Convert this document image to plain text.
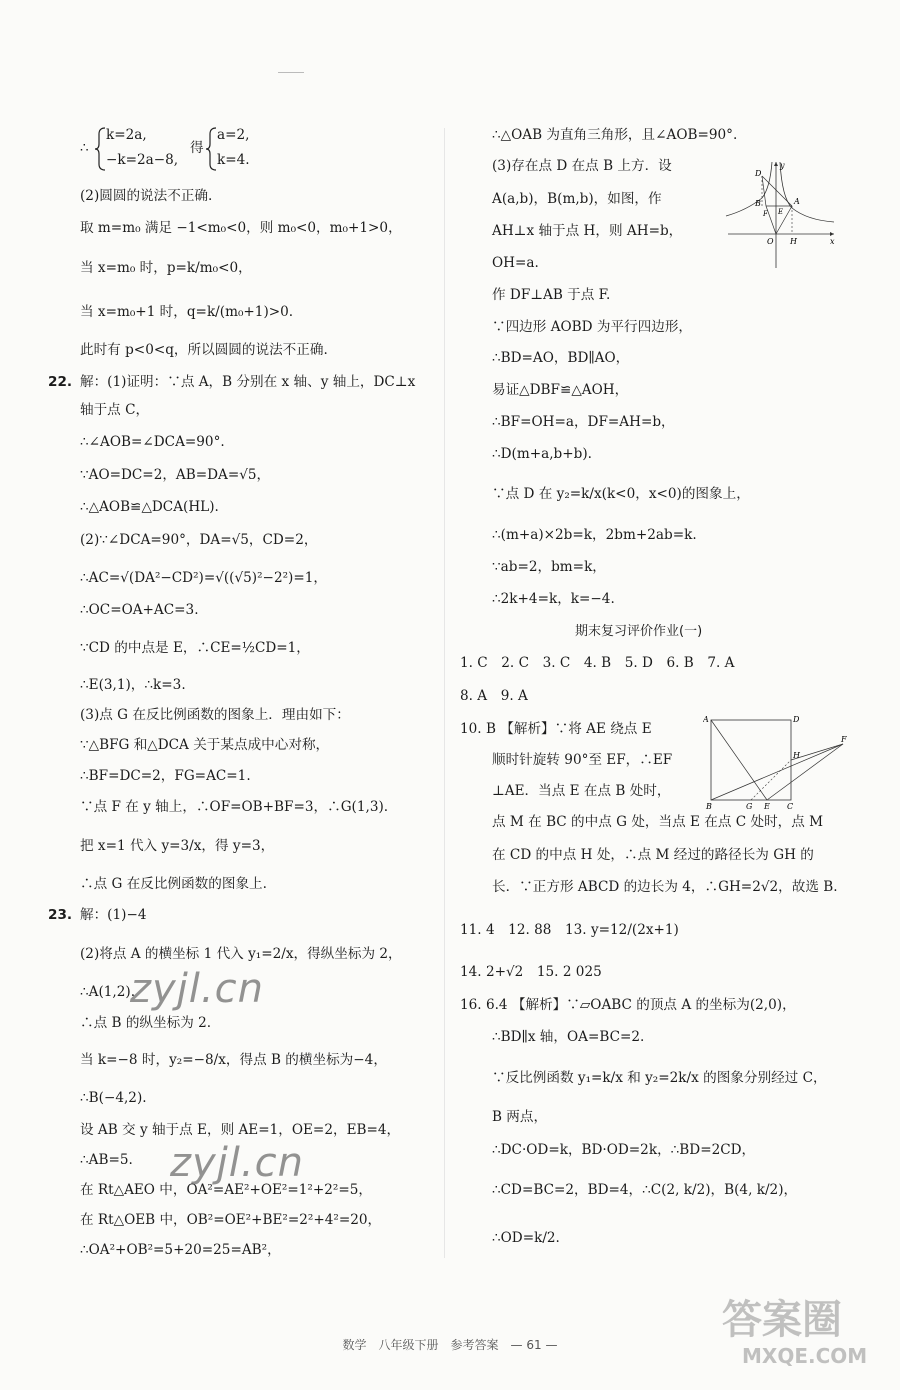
∴
k=2a,
−k=2a−8,
得
a=2,
k=4.
(2)圆圆的说法不正确.
取 m=m₀ 满足 −1<m₀<0，则 m₀<0，m₀+1>0，
当 x=m₀ 时，p=k/m₀<0，
当 x=m₀+1 时，q=k/(m₀+1)>0.
此时有 p<0<q，所以圆圆的说法不正确.
22. 解：(1)证明：∵点 A，B 分别在 x 轴、y 轴上，DC⊥x
轴于点 C，
∴∠AOB=∠DCA=90°.
∵AO=DC=2，AB=DA=√5，
∴△AOB≌△DCA(HL).
(2)∵∠DCA=90°，DA=√5，CD=2，
∴AC=√(DA²−CD²)=√((√5)²−2²)=1，
∴OC=OA+AC=3.
∵CD 的中点是 E，∴CE=½CD=1，
∴E(3,1)，∴k=3.
(3)点 G 在反比例函数的图象上．理由如下：
∵△BFG 和△DCA 关于某点成中心对称，
∴BF=DC=2，FG=AC=1.
∵点 F 在 y 轴上，∴OF=OB+BF=3，∴G(1,3).
把 x=1 代入 y=3/x，得 y=3，
∴点 G 在反比例函数的图象上.
23. 解：(1)−4
(2)将点 A 的横坐标 1 代入 y₁=2/x，得纵坐标为 2，
∴A(1,2).
∴点 B 的纵坐标为 2.
当 k=−8 时，y₂=−8/x，得点 B 的横坐标为−4，
∴B(−4,2).
设 AB 交 y 轴于点 E，则 AE=1，OE=2，EB=4，
∴AB=5.
在 Rt△AEO 中，OA²=AE²+OE²=1²+2²=5，
在 Rt△OEB 中，OB²=OE²+BE²=2²+4²=20，
∴OA²+OB²=5+20=25=AB²，
∴△OAB 为直角三角形，且∠AOB=90°.
(3)存在点 D 在点 B 上方．设
A(a,b)，B(m,b)，如图，作
AH⊥x 轴于点 H，则 AH=b，
OH=a.
作 DF⊥AB 于点 F.
∵四边形 AOBD 为平行四边形，
∴BD=AO，BD∥AO，
易证△DBF≌△AOH，
∴BF=OH=a，DF=AH=b，
∴D(m+a,b+b).
∵点 D 在 y₂=k/x(k<0，x<0)的图象上，
∴(m+a)×2b=k，2bm+2ab=k.
∵ab=2，bm=k，
∴2k+4=k，k=−4.
y
x
D
B
F E
A
O H
期末复习评价作业(一)
1. C　2. C　3. C　4. B　5. D　6. B　7. A
8. A　9. A
10. B 【解析】∵将 AE 绕点 E
顺时针旋转 90°至 EF，∴EF
⊥AE．当点 E 在点 B 处时，
点 M 在 BC 的中点 G 处，当点 E 在点 C 处时，点 M
在 CD 的中点 H 处，∴点 M 经过的路径长为 GH 的
长．∵正方形 ABCD 的边长为 4，∴GH=2√2，故选 B.
A	D
H
F
B	G E C
11. 4　12. 88　13. y=12/(2x+1)
14. 2+√2　15. 2 025
16. 6.4 【解析】∵▱OABC 的顶点 A 的坐标为(2,0)，
∴BD∥x 轴，OA=BC=2.
∵反比例函数 y₁=k/x 和 y₂=2k/x 的图象分别经过 C，
B 两点，
∴DC·OD=k，BD·OD=2k，∴BD=2CD，
∴CD=BC=2，BD=4，∴C(2, k/2)，B(4, k/2)，
∴OD=k/2.
zyjl.cn
zyjl.cn
答案圈
MXQE.COM
数学　八年级下册　参考答案　— 61 —
